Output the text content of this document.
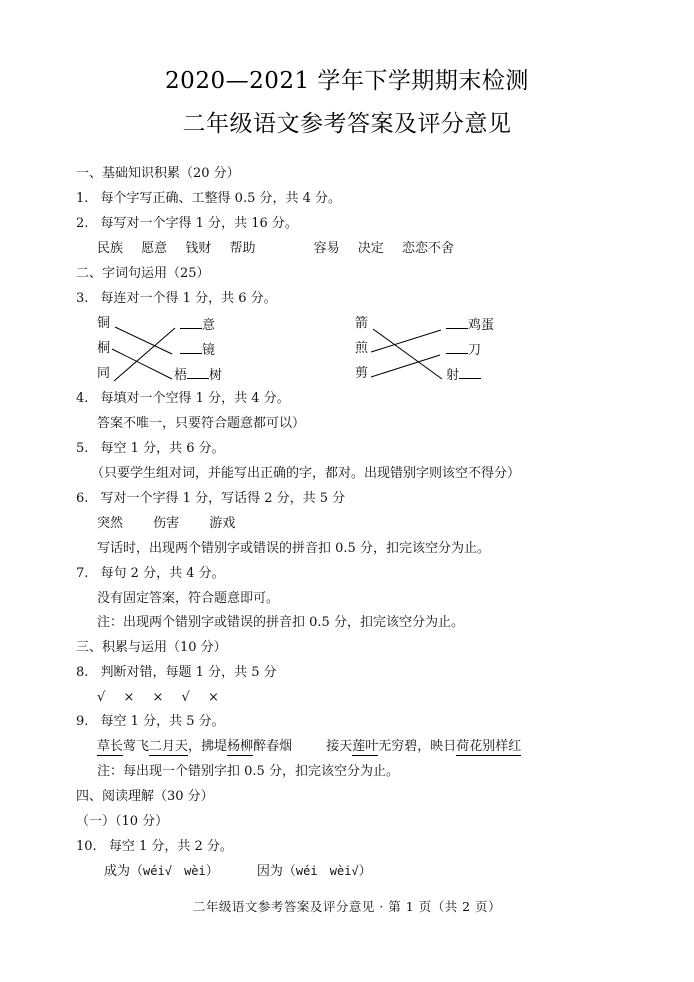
2020—2021 学年下学期期末检测
二年级语文参考答案及评分意见
一、基础知识积累（20 分）
1. 每个字写正确、工整得 0.5 分，共 4 分。
2. 每写对一个字得 1 分，共 16 分。
民族 愿意 钱财 帮助	容易 决定 恋恋不舍
二、字词句运用（25）
3. 每连对一个得 1 分，共 6 分。
铜
桐
同
意
镜
梧 树
箭
煎
剪
鸡蛋
刀
射
4. 每填对一个空得 1 分，共 4 分。
答案不唯一，只要符合题意都可以）
5. 每空 1 分，共 6 分。
（只要学生组对词，并能写出正确的字，都对。出现错别字则该空不得分）
6. 写对一个字得 1 分，写话得 2 分，共 5 分
突然 伤害 游戏
写话时，出现两个错别字或错误的拼音扣 0.5 分，扣完该空分为止。
7. 每句 2 分，共 4 分。
没有固定答案，符合题意即可。
注：出现两个错别字或错误的拼音扣 0.5 分，扣完该空分为止。
三、积累与运用（10 分）
8. 判断对错，每题 1 分，共 5 分
√ × × √ ×
9. 每空 1 分，共 5 分。
草长莺飞二月天，拂堤杨柳醉春烟	接天莲叶无穷碧，映日荷花别样红
注：每出现一个错别字扣 0.5 分，扣完该空分为止。
四、阅读理解（30 分）
（一）（10 分）
10. 每空 1 分，共 2 分。
成为（wéi√ wèi）	因为（wéi wèi√）
二年级语文参考答案及评分意见 · 第 1 页（共 2 页）
